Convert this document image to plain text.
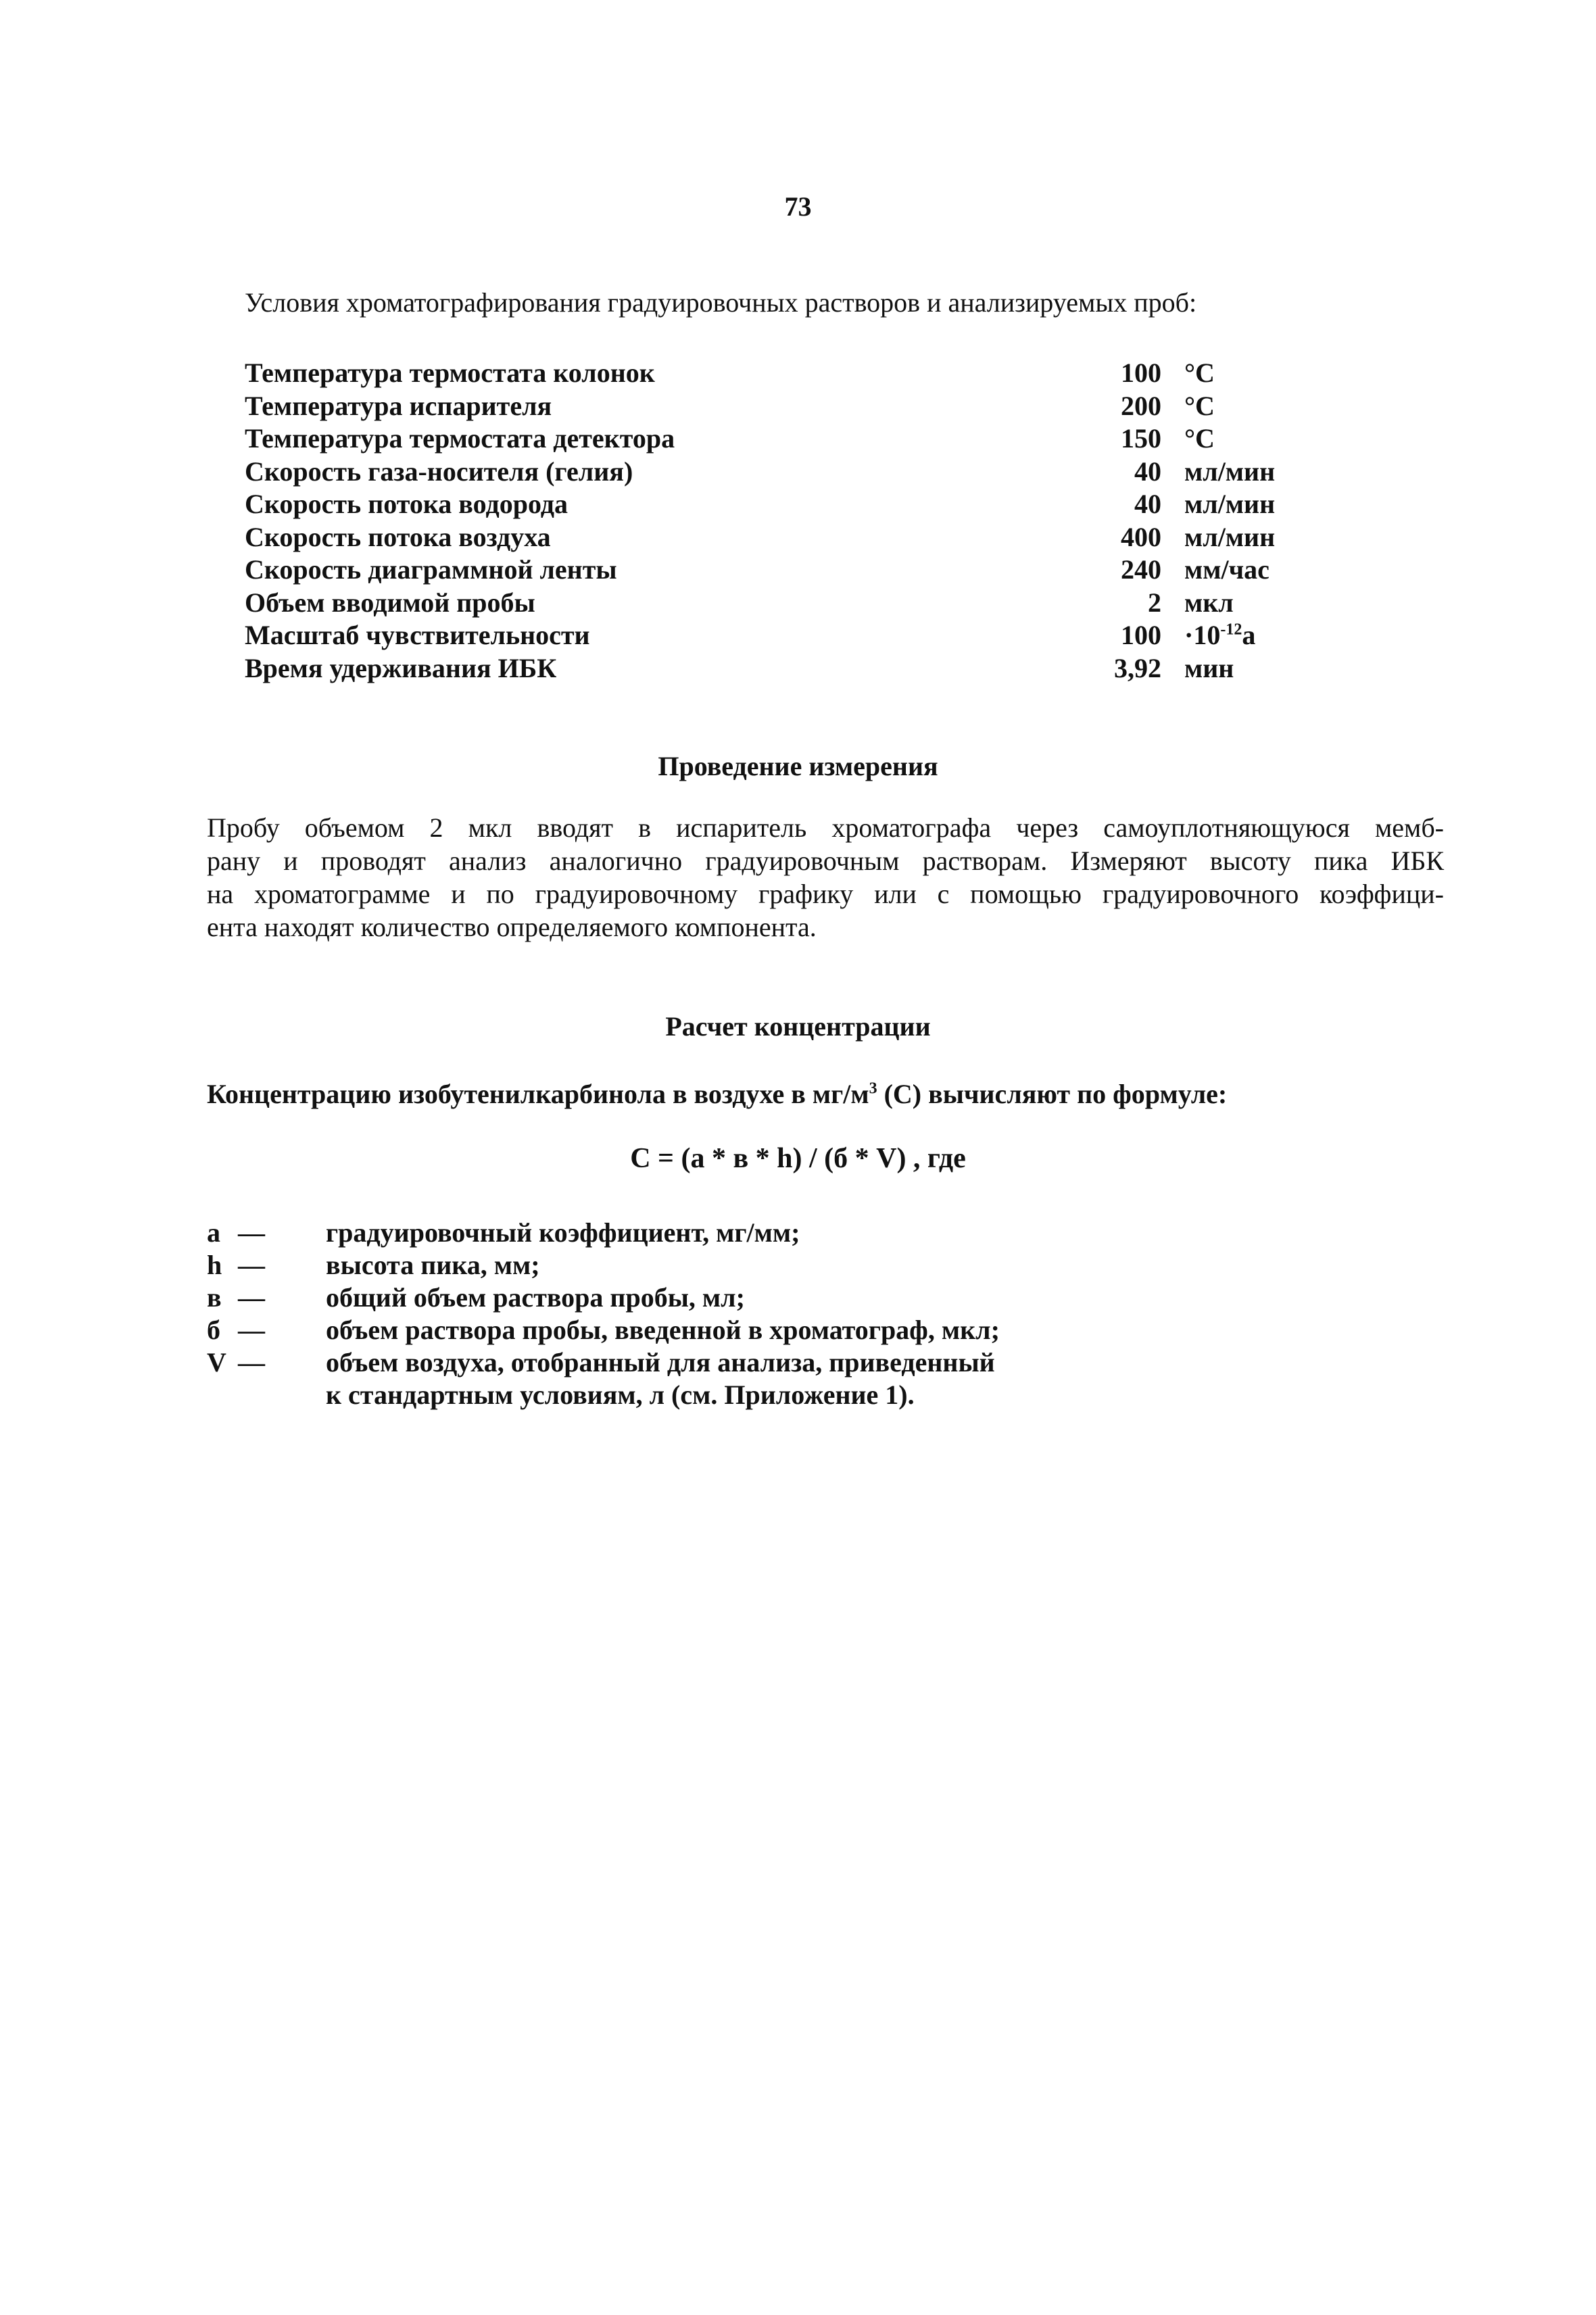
73
Условия хроматографирования градуировочных растворов и анализируемых проб:
Температура термостата колонок	100 °C
Температура испарителя	200 °C
Температура термостата детектора	150 °C
Скорость газа-носителя (гелия)	40 мл/мин
Скорость потока водорода	40 мл/мин
Скорость потока воздуха	400 мл/мин
Скорость диаграммной ленты	240 мм/час
Объем вводимой пробы	2 мкл
Масштаб чувствительности	$100 \cdot 10^{-12}а$
Время удерживания ИБК	3,92 мин
Проведение измерения
Пробу объемом 2 мкл вводят в испаритель хроматографа через самоуплотняющуюся мемб-
рану и проводят анализ аналогично градуировочным растворам. Измеряют высоту пика ИБК
на хроматограмме и по градуировочному графику или с помощью градуировочного коэффици-
ента находят количество определяемого компонента.
Расчет концентрации
Концентрацию изобутенилкарбинола в воздухе в $мг/м^3$ (С) вычисляют по формуле:
С = (а * в * h) / (б * V) , где
а — градуировочный коэффициент, мг/мм;
h — высота пика, мм;
в — общий объем раствора пробы, мл;
б — объем раствора пробы, введенной в хроматограф, мкл;
V — объем воздуха, отобранный для анализа, приведенный
к стандартным условиям, л (см. Приложение 1).
